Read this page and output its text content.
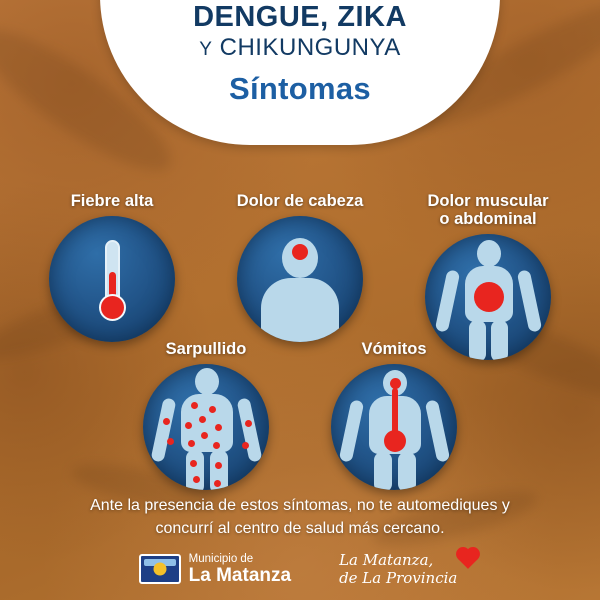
DENGUE, ZIKA
Y CHIKUNGUNYA
Síntomas
Fiebre alta	Dolor de cabeza	Dolor muscular
o abdominal
Sarpullido	Vómitos
Ante la presencia de estos síntomas, no te automediques y
concurrí al centro de salud más cercano.
Municipio de
La Matanza
La Matanza,
de La Provincia
